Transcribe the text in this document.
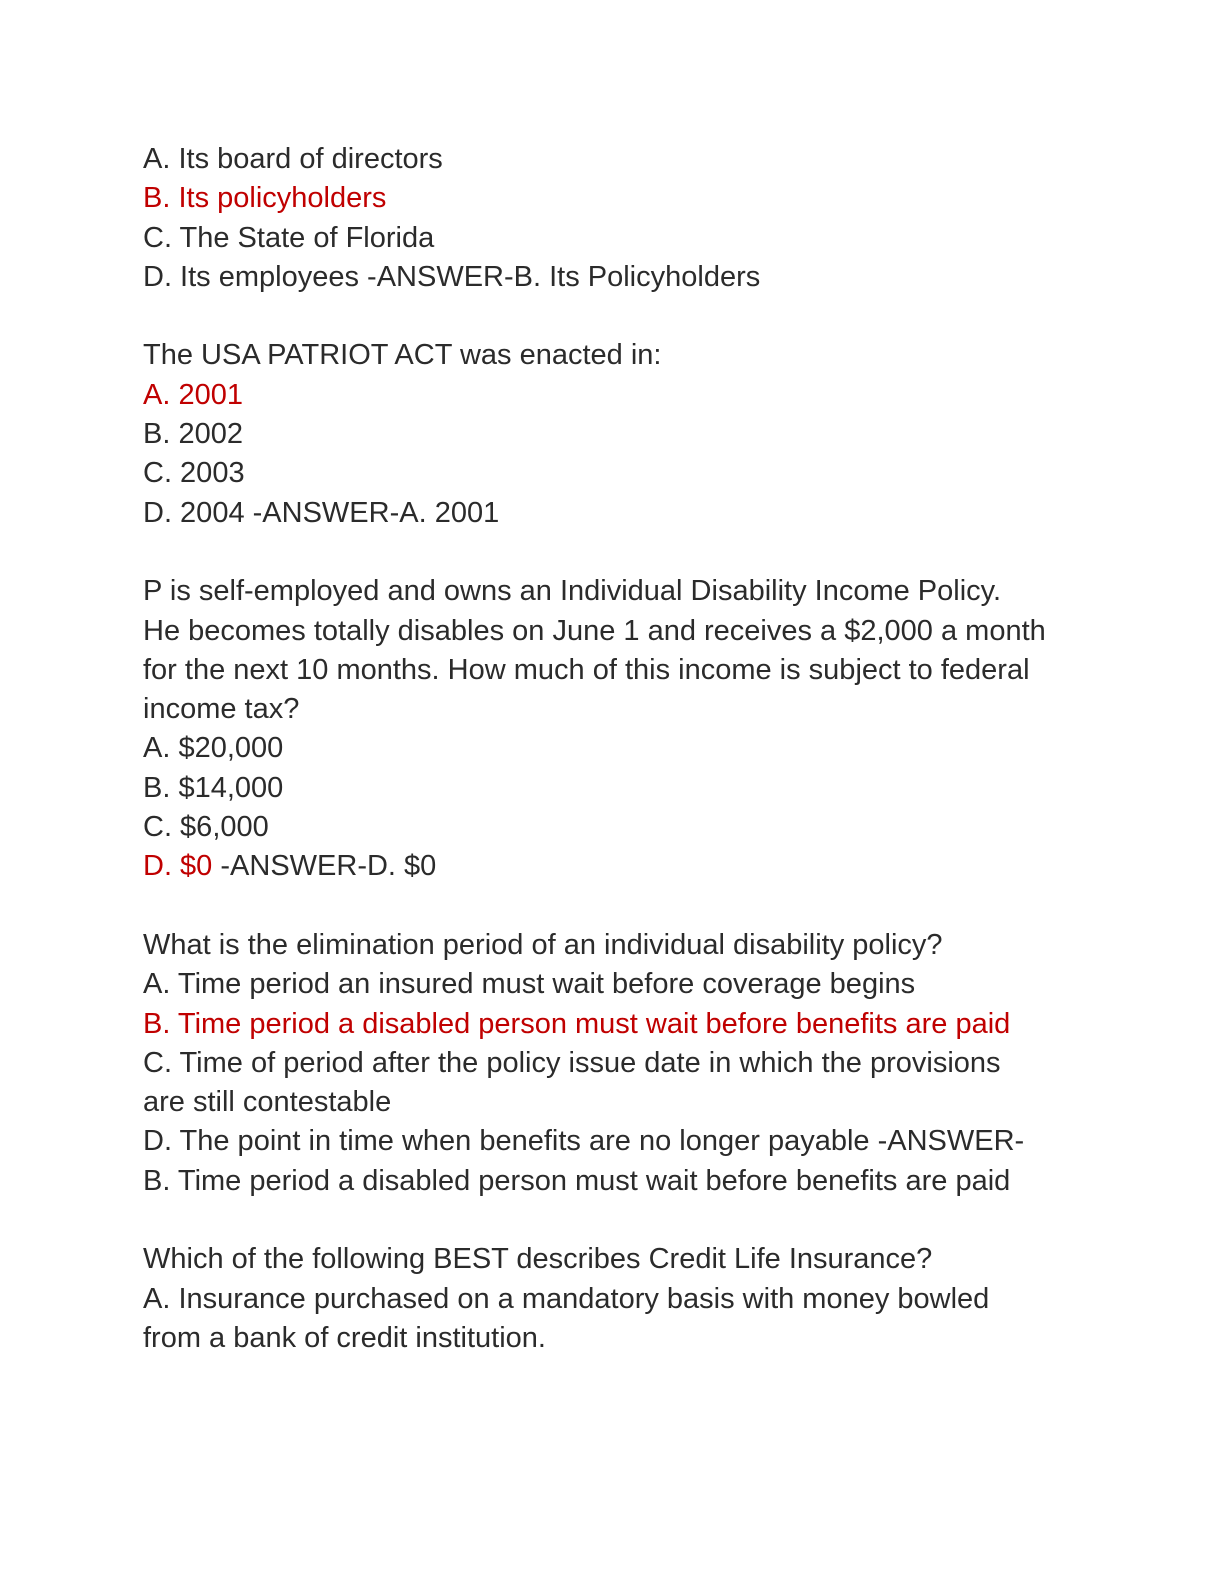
A. Its board of directors

B. Its policyholders

C. The State of Florida

D. Its employees -ANSWER-B. Its Policyholders

The USA PATRIOT ACT was enacted in:

A. 2001

B. 2002

C. 2003

D. 2004 -ANSWER-A. 2001

P is self-employed and owns an Individual Disability Income Policy.

He becomes totally disables on June 1 and receives a $2,000 a month

for the next 10 months. How much of this income is subject to federal

income tax?

A. $20,000

B. $14,000

C. $6,000

D. $0 -ANSWER-D. $0

What is the elimination period of an individual disability policy?

A. Time period an insured must wait before coverage begins

B. Time period a disabled person must wait before benefits are paid

C. Time of period after the policy issue date in which the provisions

are still contestable

D. The point in time when benefits are no longer payable -ANSWER-

B. Time period a disabled person must wait before benefits are paid

Which of the following BEST describes Credit Life Insurance?

A. Insurance purchased on a mandatory basis with money bowled

from a bank of credit institution.
